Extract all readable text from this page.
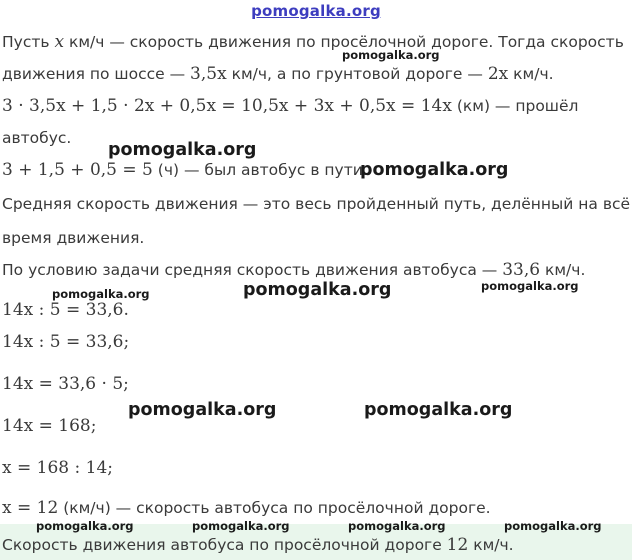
pomogalka.org
Пусть x км/ч — скорость движения по просёлочной дороге. Тогда скорость
движения по шоссе — 3,5x км/ч, а по грунтовой дороге — 2x км/ч.
3 · 3,5x + 1,5 · 2x + 0,5x = 10,5x + 3x + 0,5x = 14x (км) — прошёл
автобус.
3 + 1,5 + 0,5 = 5 (ч) — был автобус в пути.
Средняя скорость движения — это весь пройденный путь, делённый на всё
время движения.
По условию задачи средняя скорость движения автобуса — 33,6 км/ч.
14x : 5 = 33,6.
14x : 5 = 33,6;
14x = 33,6 · 5;
14x = 168;
x = 168 : 14;
x = 12 (км/ч) — скорость автобуса по просёлочной дороге.
Скорость движения автобуса по просёлочной дороге 12 км/ч.
pomogalka.org
pomogalka.org
pomogalka.org
pomogalka.org	pomogalka.org	pomogalka.org
pomogalka.org	pomogalka.org
pomogalka.org	pomogalka.org	pomogalka.org	pomogalka.org
